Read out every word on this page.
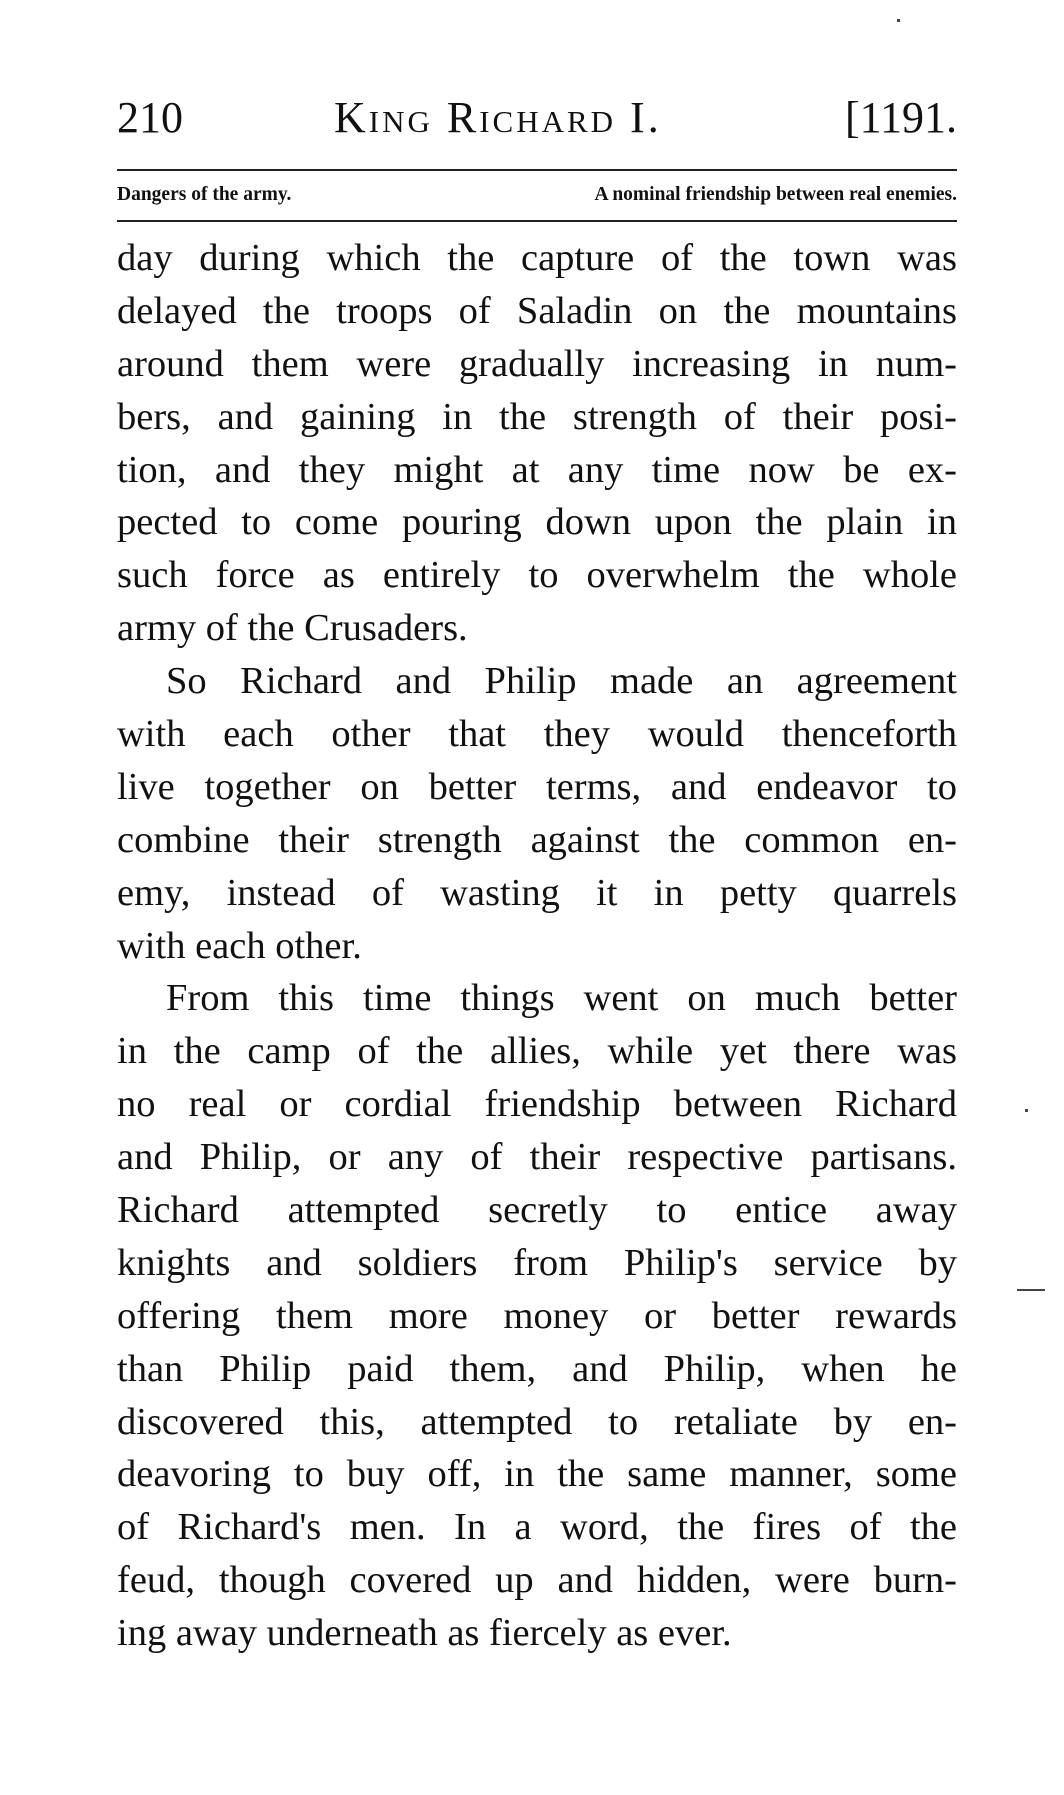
210	King Richard I.	[1191.
Dangers of the army.	A nominal friendship between real enemies.
day during which the capture of the town was
delayed the troops of Saladin on the mountains
around them were gradually increasing in num-
bers, and gaining in the strength of their posi-
tion, and they might at any time now be ex-
pected to come pouring down upon the plain in
such force as entirely to overwhelm the whole
army of the Crusaders.
So Richard and Philip made an agreement
with each other that they would thenceforth
live together on better terms, and endeavor to
combine their strength against the common en-
emy, instead of wasting it in petty quarrels
with each other.
From this time things went on much better
in the camp of the allies, while yet there was
no real or cordial friendship between Richard
and Philip, or any of their respective partisans.
Richard attempted secretly to entice away
knights and soldiers from Philip's service by
offering them more money or better rewards
than Philip paid them, and Philip, when he
discovered this, attempted to retaliate by en-
deavoring to buy off, in the same manner, some
of Richard's men. In a word, the fires of the
feud, though covered up and hidden, were burn-
ing away underneath as fiercely as ever.
